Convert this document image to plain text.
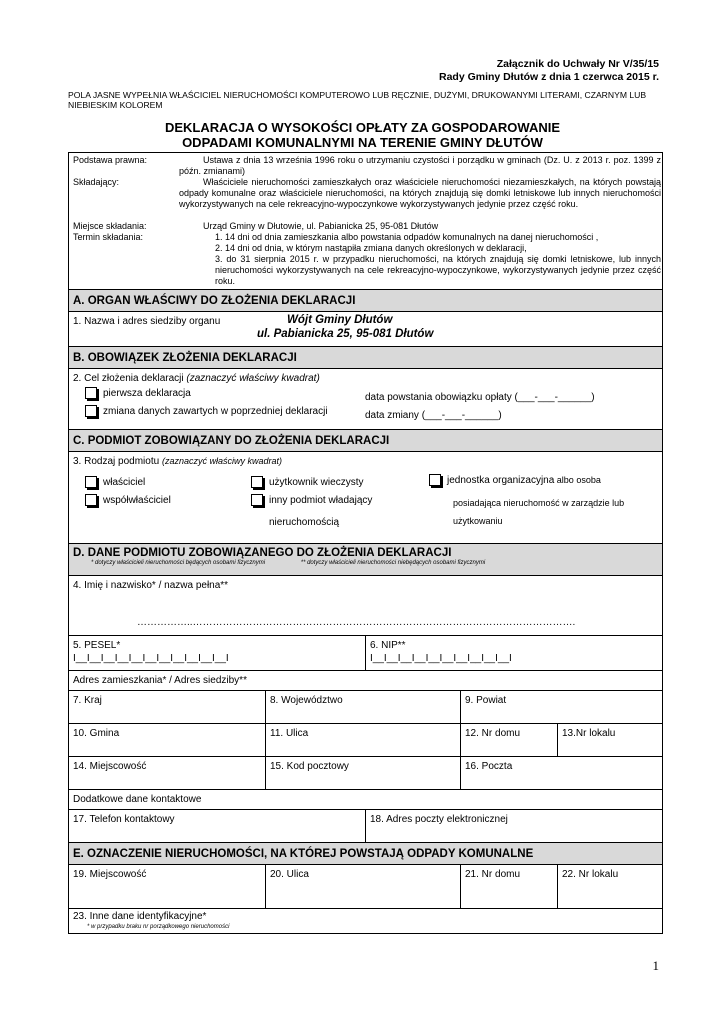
Załącznik do Uchwały Nr V/35/15
Rady Gminy Dłutów z dnia 1 czerwca 2015 r.
POLA JASNE WYPEŁNIA WŁAŚCICIEL NIERUCHOMOŚCI KOMPUTEROWO LUB RĘCZNIE, DUŻYMI, DRUKOWANYMI LITERAMI, CZARNYM LUB NIEBIESKIM KOLOREM
DEKLARACJA O WYSOKOŚCI OPŁATY ZA GOSPODAROWANIE
ODPADAMI KOMUNALNYMI NA TERENIE GMINY DŁUTÓW
Podstawa prawna:	Ustawa z dnia 13 września 1996 roku o utrzymaniu czystości i porządku w gminach (Dz. U. z 2013 r. poz. 1399 z późn. zmianami)
Składający:	Właściciele nieruchomości zamieszkałych oraz właściciele nieruchomości niezamieszkałych, na których powstają odpady komunalne oraz właściciele nieruchomości, na których znajdują się domki letniskowe lub innych nieruchomości wykorzystywanych na cele rekreacyjno-wypoczynkowe wykorzystywanych jedynie przez część roku.
Miejsce składania:	Urząd Gminy w Dłutowie, ul. Pabianicka 25, 95-081 Dłutów
Termin składania:	1. 14 dni od dnia zamieszkania albo powstania odpadów komunalnych na danej nieruchomości ,
2. 14 dni od dnia, w którym nastąpiła zmiana danych określonych w deklaracji,
3. do 31 sierpnia 2015 r. w przypadku nieruchomości, na których znajdują się domki letniskowe, lub innych nieruchomości wykorzystywanych na cele rekreacyjno-wypoczynkowe, wykorzystywanych jedynie przez część roku.
A. ORGAN WŁAŚCIWY DO ZŁOŻENIA DEKLARACJI
1. Nazwa i adres siedziby organu	Wójt Gminy Dłutów
ul. Pabianicka 25, 95-081 Dłutów
B. OBOWIĄZEK ZŁOŻENIA DEKLARACJI
2. Cel złożenia deklaracji (zaznaczyć właściwy kwadrat)
pierwsza deklaracja
zmiana danych zawartych w poprzedniej deklaracji
data powstania obowiązku opłaty (___-___-______)
data zmiany (___-___-______)
C. PODMIOT ZOBOWIĄZANY DO ZŁOŻENIA DEKLARACJI
3. Rodzaj podmiotu (zaznaczyć właściwy kwadrat)
właściciel
współwłaściciel
użytkownik wieczysty
inny podmiot władający
nieruchomością
jednostka organizacyjna albo osoba
posiadająca nieruchomość w zarządzie lub
użytkowaniu
D. DANE PODMIOTU ZOBOWIĄZANEGO DO ZŁOŻENIA DEKLARACJI
* dotyczy właścicieli nieruchomości będących osobami fizycznymi	** dotyczy właścicieli nieruchomości niebędących osobami fizycznymi
4. Imię i nazwisko* / nazwa pełna**
……………..…………………………………………………………………………………………………….
5. PESEL*
I__I__I__I__I__I__I__I__I__I__I__I
6. NIP**
I__I__I__I__I__I__I__I__I__I__I
Adres zamieszkania* / Adres siedziby**
7. Kraj	8. Województwo	9. Powiat
10. Gmina	11. Ulica	12. Nr domu	13.Nr lokalu
14. Miejscowość	15. Kod pocztowy	16. Poczta
Dodatkowe dane kontaktowe
17. Telefon kontaktowy	18. Adres poczty elektronicznej
E. OZNACZENIE NIERUCHOMOŚCI, NA KTÓREJ POWSTAJĄ ODPADY KOMUNALNE
19. Miejscowość	20. Ulica	21. Nr domu	22. Nr lokalu
23. Inne dane identyfikacyjne*
* w przypadku braku nr porządkowego nieruchomości
1
